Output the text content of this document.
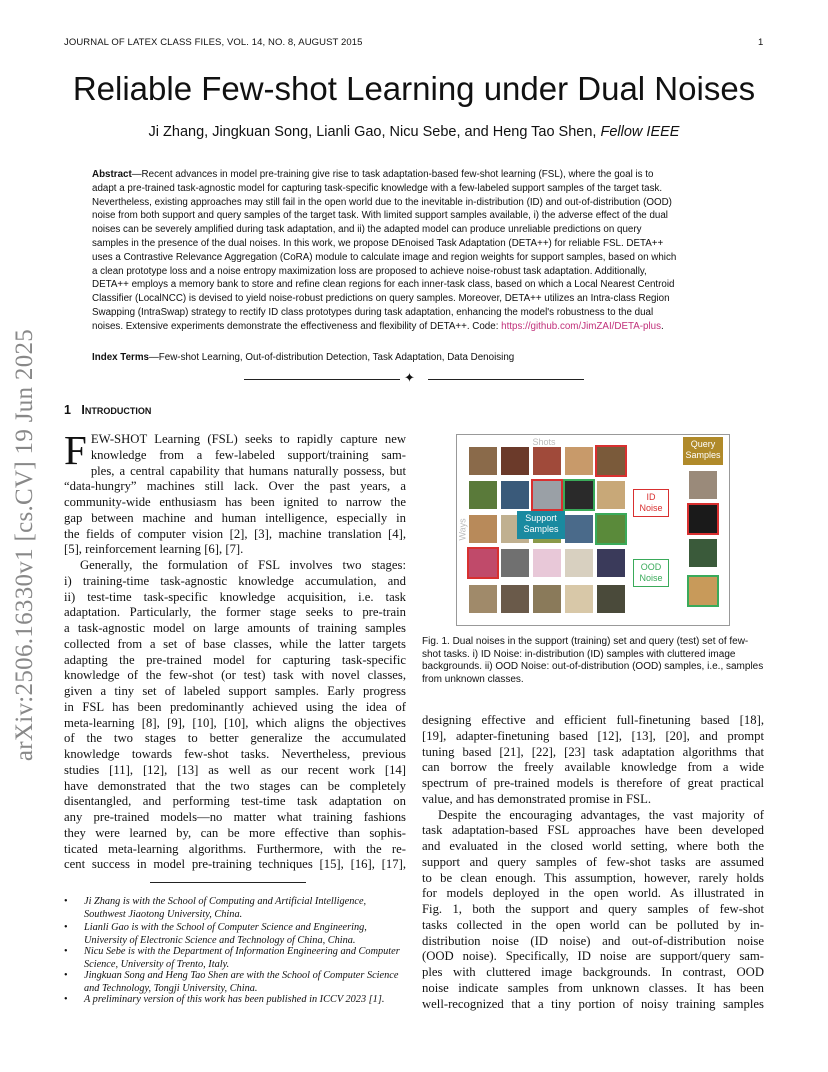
JOURNAL OF LATEX CLASS FILES, VOL. 14, NO. 8, AUGUST 2015	1
Reliable Few-shot Learning under Dual Noises
Ji Zhang, Jingkuan Song, Lianli Gao, Nicu Sebe, and Heng Tao Shen, Fellow IEEE
Abstract—Recent advances in model pre-training give rise to task adaptation-based few-shot learning (FSL), where the goal is to
adapt a pre-trained task-agnostic model for capturing task-specific knowledge with a few-labeled support samples of the target task.
Nevertheless, existing approaches may still fail in the open world due to the inevitable in-distribution (ID) and out-of-distribution (OOD)
noise from both support and query samples of the target task. With limited support samples available, i) the adverse effect of the dual
noises can be severely amplified during task adaptation, and ii) the adapted model can produce unreliable predictions on query
samples in the presence of the dual noises. In this work, we propose DEnoised Task Adaptation (DETA++) for reliable FSL. DETA++
uses a Contrastive Relevance Aggregation (CoRA) module to calculate image and region weights for support samples, based on which
a clean prototype loss and a noise entropy maximization loss are proposed to achieve noise-robust task adaptation. Additionally,
DETA++ employs a memory bank to store and refine clean regions for each inner-task class, based on which a Local Nearest Centroid
Classifier (LocalNCC) is devised to yield noise-robust predictions on query samples. Moreover, DETA++ utilizes an Intra-class Region
Swapping (IntraSwap) strategy to rectify ID class prototypes during task adaptation, enhancing the model's robustness to the dual
noises. Extensive experiments demonstrate the effectiveness and flexibility of DETA++. Code: https://github.com/JimZAI/DETA-plus.
Index Terms—Few-shot Learning, Out-of-distribution Detection, Task Adaptation, Data Denoising
✦
arXiv:2506.16330v1 [cs.CV] 19 Jun 2025 1 Introduction
F EW-SHOT Learning (FSL) seeks to rapidly capture new
knowledge from a few-labeled support/training sam-
ples, a central capability that humans naturally possess, but
“data-hungry” machines still lack. Over the past years, a
community-wide enthusiasm has been ignited to narrow the
gap between machine and human intelligence, especially in
the fields of computer vision [2], [3], machine translation [4],
[5], reinforcement learning [6], [7].
Generally, the formulation of FSL involves two stages:
i) training-time task-agnostic knowledge accumulation, and
ii) test-time task-specific knowledge acquisition, i.e. task
adaptation. Particularly, the former stage seeks to pre-train
a task-agnostic model on large amounts of training samples
collected from a set of base classes, while the latter targets
adapting the pre-trained model for capturing task-specific
knowledge of the few-shot (or test) task with novel classes,
given a tiny set of labeled support samples. Early progress
in FSL has been predominantly achieved using the idea of
meta-learning [8], [9], [10], [10], which aligns the objectives
of the two stages to better generalize the accumulated
knowledge towards few-shot tasks. Nevertheless, previous
studies [11], [12], [13] as well as our recent work [14]
have demonstrated that the two stages can be completely
disentangled, and performing test-time task adaptation on
any pre-trained models—no matter what training fashions
they were learned by, can be more effective than sophis-
ticated meta-learning algorithms. Furthermore, with the re-
cent success in model pre-training techniques [15], [16], [17],
• Ji Zhang is with the School of Computing and Artificial Intelligence, Southwest Jiaotong University, China.
• Lianli Gao is with the School of Computer Science and Engineering, University of Electronic Science and Technology of China, China.
• Nicu Sebe is with the Department of Information Engineering and Computer Science, University of Trento, Italy.
• Jingkuan Song and Heng Tao Shen are with the School of Computer Science and Technology, Tongji University, China.
• A preliminary version of this work has been published in ICCV 2023 [1].
Shots
Ways
Support Samples
Query Samples
ID Noise
OOD Noise
Fig. 1. Dual noises in the support (training) set and query (test) set of few-shot tasks. i) ID Noise: in-distribution (ID) samples with cluttered image backgrounds. ii) OOD Noise: out-of-distribution (OOD) samples, i.e., samples from unknown classes.
designing effective and efficient full-finetuning based [18],
[19], adapter-finetuning based [12], [13], [20], and prompt
tuning based [21], [22], [23] task adaptation algorithms that
can borrow the freely available knowledge from a wide
spectrum of pre-trained models is therefore of great practical
value, and has demonstrated promise in FSL.
Despite the encouraging advantages, the vast majority of
task adaptation-based FSL approaches have been developed
and evaluated in the closed world setting, where both the
support and query samples of few-shot tasks are assumed
to be clean enough. This assumption, however, rarely holds
for models deployed in the open world. As illustrated in
Fig. 1, both the support and query samples of few-shot
tasks collected in the open world can be polluted by in-
distribution noise (ID noise) and out-of-distribution noise
(OOD noise). Specifically, ID noise are support/query sam-
ples with cluttered image backgrounds. In contrast, OOD
noise indicate samples from unknown classes. It has been
well-recognized that a tiny portion of noisy training samples
